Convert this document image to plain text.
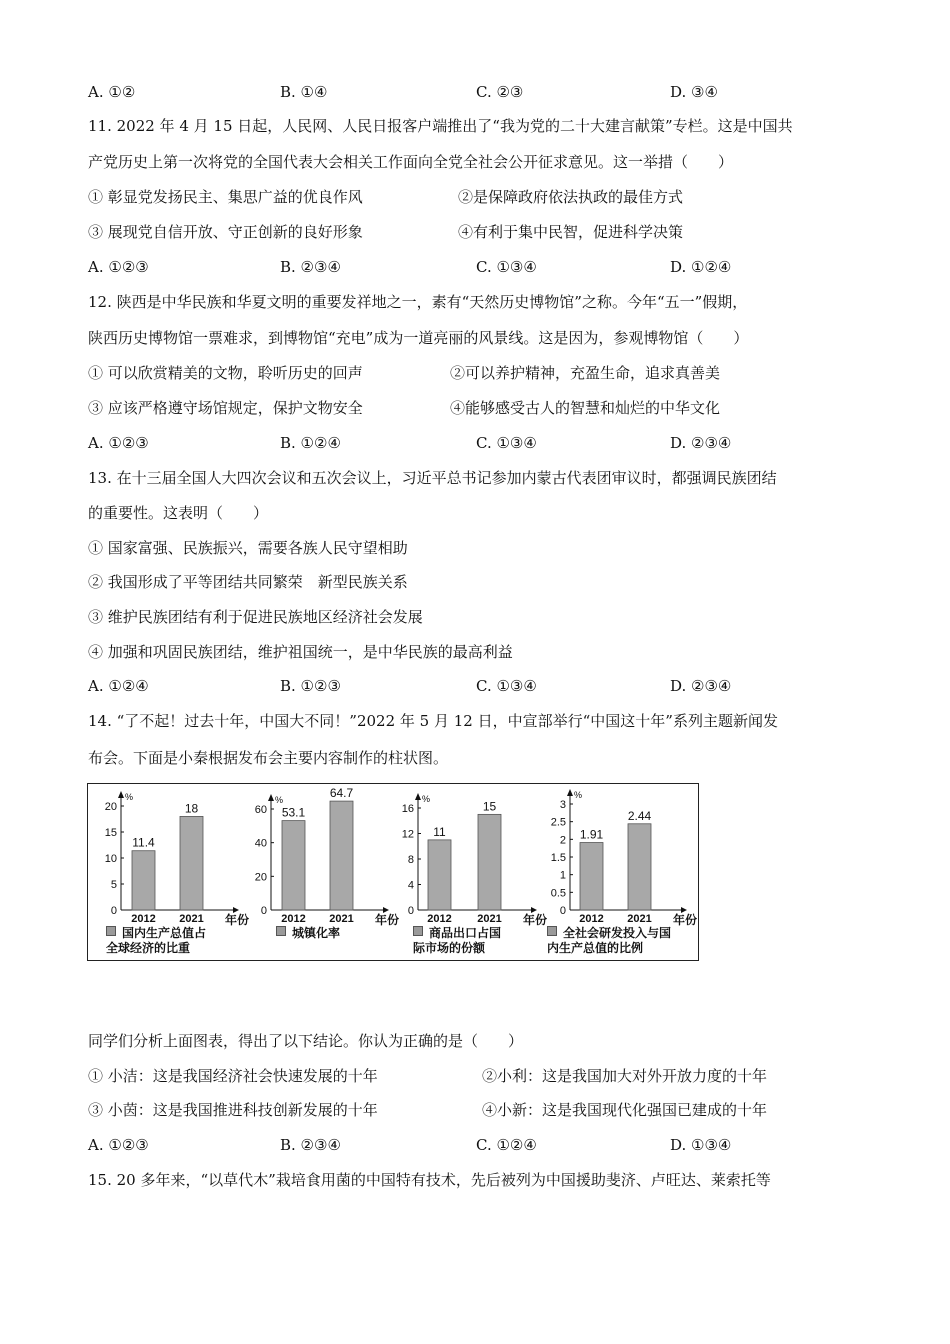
A. ①②	B. ①④	C. ②③	D. ③④
11. 2022 年 4 月 15 日起，人民网、人民日报客户端推出了“我为党的二十大建言献策”专栏。这是中国共
产党历史上第一次将党的全国代表大会相关工作面向全党全社会公开征求意见。这一举措（　　）
① 彰显党发扬民主、集思广益的优良作风	②是保障政府依法执政的最佳方式
③ 展现党自信开放、守正创新的良好形象	④有利于集中民智，促进科学决策
A. ①②③	B. ②③④	C. ①③④	D. ①②④
12. 陕西是中华民族和华夏文明的重要发祥地之一，素有“天然历史博物馆”之称。今年“五一”假期，
陕西历史博物馆一票难求，到博物馆“充电”成为一道亮丽的风景线。这是因为，参观博物馆（　　）
① 可以欣赏精美的文物，聆听历史的回声	②可以养护精神，充盈生命，追求真善美
③ 应该严格遵守场馆规定，保护文物安全	④能够感受古人的智慧和灿烂的中华文化
A. ①②③	B. ①②④	C. ①③④	D. ②③④
13. 在十三届全国人大四次会议和五次会议上，习近平总书记参加内蒙古代表团审议时，都强调民族团结
的重要性。这表明（　　）
① 国家富强、民族振兴，需要各族人民守望相助
② 我国形成了平等团结共同繁荣　新型民族关系
③ 维护民族团结有利于促进民族地区经济社会发展
④ 加强和巩固民族团结，维护祖国统一，是中华民族的最高利益
A. ①②④	B. ①②③	C. ①③④	D. ②③④
14. “了不起！过去十年，中国大不同！”2022 年 5 月 12 日，中宣部举行“中国这十年”系列主题新闻发
布会。下面是小秦根据发布会主要内容制作的柱状图。
%
0
5
10
15
20
11.4
2012
18
2021 年份
%
0
20
40
60 53.1
2012
64.7
2021 年份
%
0
4
8
12
16
11
2012
15
2021 年份
%
0
0.5
1
1.5
2
2.5
3
1.91
2012
2.44
2021 年份
国内生产总值占
全球经济的比重
城镇化率	商品出口占国
际市场的份额
全社会研发投入与国
内生产总值的比例
同学们分析上面图表，得出了以下结论。你认为正确的是（　　）
① 小洁：这是我国经济社会快速发展的十年	②小利：这是我国加大对外开放力度的十年
③ 小茵：这是我国推进科技创新发展的十年	④小新：这是我国现代化强国已建成的十年
A. ①②③	B. ②③④	C. ①②④	D. ①③④
15. 20 多年来，“以草代木”栽培食用菌的中国特有技术，先后被列为中国援助斐济、卢旺达、莱索托等
